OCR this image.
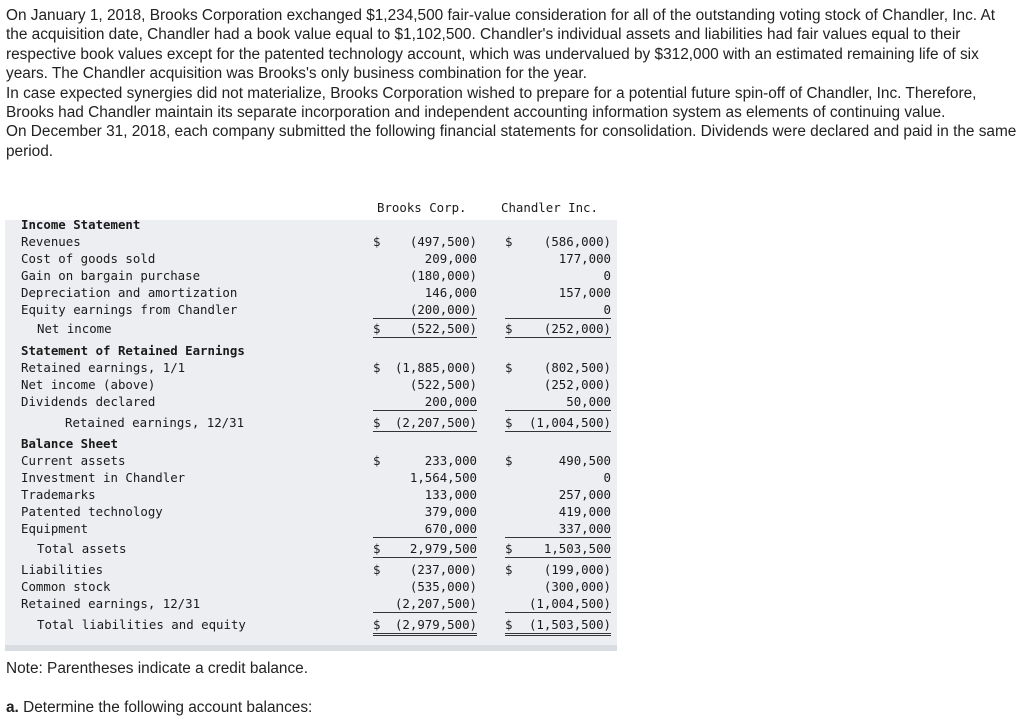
On January 1, 2018, Brooks Corporation exchanged $1,234,500 fair-value consideration for all of the outstanding voting stock of Chandler, Inc. At the acquisition date, Chandler had a book value equal to $1,102,500. Chandler's individual assets and liabilities had fair values equal to their respective book values except for the patented technology account, which was undervalued by $312,000 with an estimated remaining life of six years. The Chandler acquisition was Brooks's only business combination for the year.

In case expected synergies did not materialize, Brooks Corporation wished to prepare for a potential future spin-off of Chandler, Inc. Therefore, Brooks had Chandler maintain its separate incorporation and independent accounting information system as elements of continuing value.

On December 31, 2018, each company submitted the following financial statements for consolidation. Dividends were declared and paid in the same period.

Brooks Corp.	Chandler Inc.
Income Statement
Revenues	$ (497,500) $	(586,000)
Cost of goods sold	209,000	177,000
Gain on bargain purchase	(180,000)	0
Depreciation and amortization	146,000	157,000
Equity earnings from Chandler	(200,000)	0
Net income	$ (522,500) $	(252,000)
Statement of Retained Earnings
Retained earnings, 1/1	$ (1,885,000) $	(802,500)
Net income (above)	(522,500)	(252,000)
Dividends declared	200,000	50,000
Retained earnings, 12/31	$ (2,207,500) $ (1,004,500)
Balance Sheet
Current assets	$	233,000 $	490,500
Investment in Chandler	1,564,500	0
Trademarks	133,000	257,000
Patented technology	379,000	419,000
Equipment	670,000	337,000
Total assets	$ 2,979,500 $	1,503,500
Liabilities	$ (237,000) $	(199,000)
Common stock	(535,000)	(300,000)
Retained earnings, 12/31	(2,207,500)	(1,004,500)
Total liabilities and equity	$ (2,979,500) $ (1,503,500)
Note: Parentheses indicate a credit balance.
a. Determine the following account balances:
